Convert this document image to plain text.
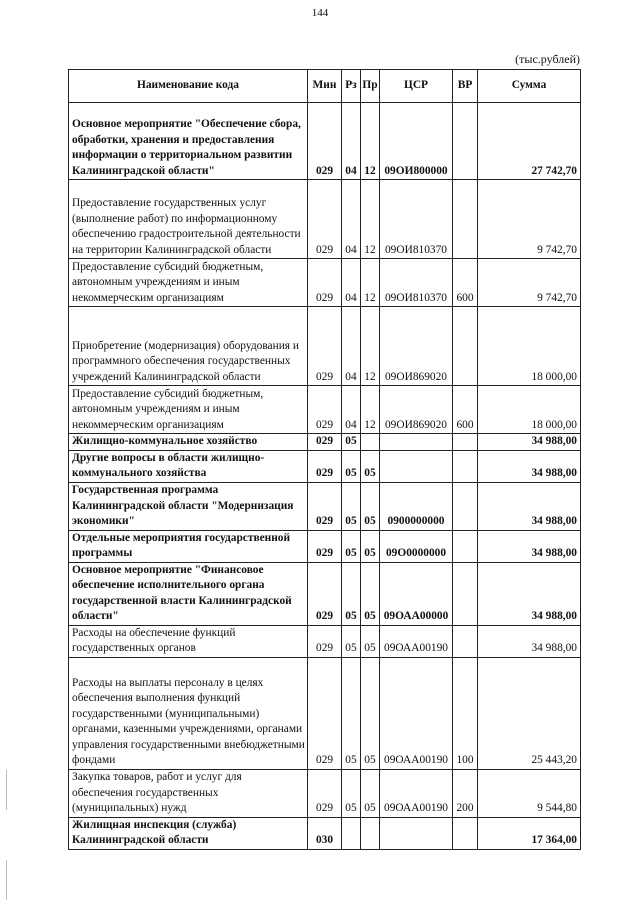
144
(тыс.рублей)
Наименование кода	Мин	Рз	Пр	ЦСР	ВР	Сумма
Основное мероприятие "Обеспечение сбора, обработки, хранения и предоставления информации о территориальном развитии Калининградской области"	029	04	12	09ОИ800000		27 742,70
Предоставление государственных услуг (выполнение работ) по информационному обеспечению градостроительной деятельности на территории Калининградской области	029	04	12	09ОИ810370		9 742,70
Предоставление субсидий бюджетным, автономным учреждениям и иным некоммерческим организациям	029	04	12	09ОИ810370	600	9 742,70
Приобретение (модернизация) оборудования и программного обеспечения государственных учреждений Калининградской области	029	04	12	09ОИ869020		18 000,00
Предоставление субсидий бюджетным, автономным учреждениям и иным некоммерческим организациям	029	04	12	09ОИ869020	600	18 000,00
Жилищно-коммунальное хозяйство	029	05				34 988,00
Другие вопросы в области жилищно-коммунального хозяйства	029	05	05			34 988,00
Государственная программа Калининградской области "Модернизация экономики"	029	05	05	0900000000		34 988,00
Отдельные мероприятия государственной программы	029	05	05	09О0000000		34 988,00
Основное мероприятие "Финансовое обеспечение исполнительного органа государственной власти Калининградской области"	029	05	05	09ОАА00000		34 988,00
Расходы на обеспечение функций государственных органов	029	05	05	09ОАА00190		34 988,00
Расходы на выплаты персоналу в целях обеспечения выполнения функций государственными (муниципальными) органами, казенными учреждениями, органами управления государственными внебюджетными фондами	029	05	05	09ОАА00190	100	25 443,20
Закупка товаров, работ и услуг для обеспечения государственных (муниципальных) нужд	029	05	05	09ОАА00190	200	9 544,80
Жилищная инспекция (служба) Калининградской области	030					17 364,00
